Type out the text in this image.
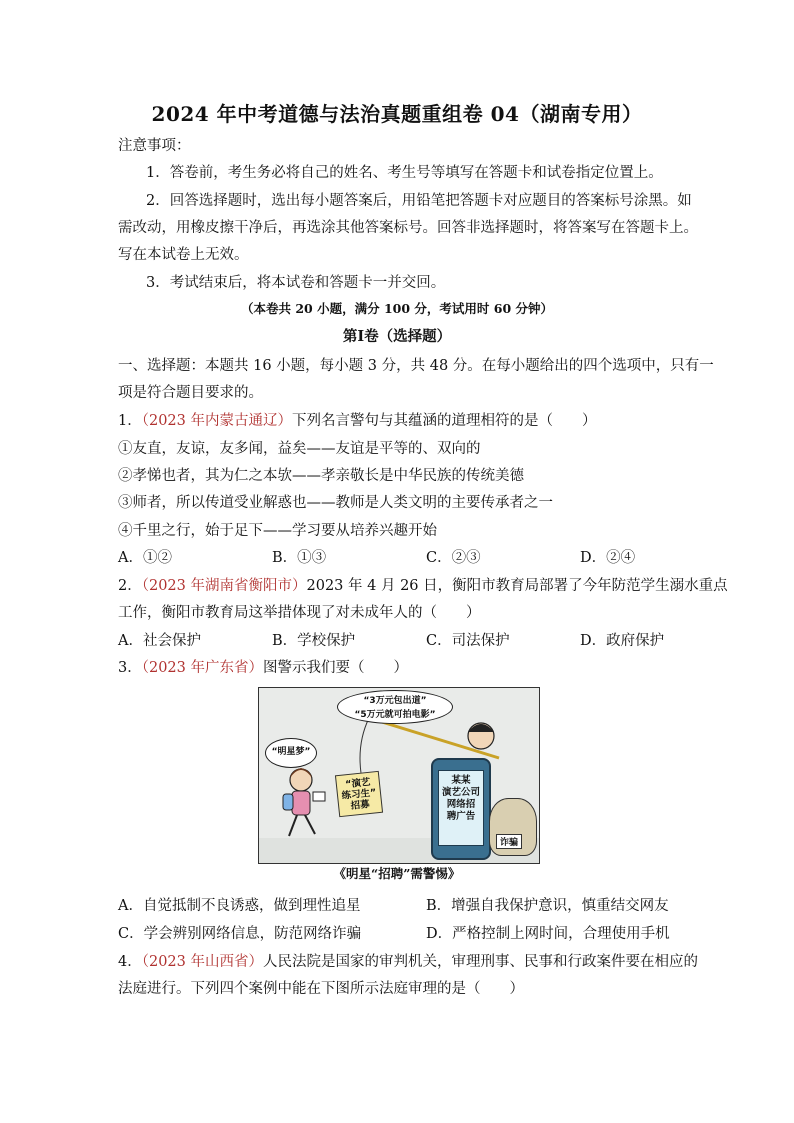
2024 年中考道德与法治真题重组卷 04（湖南专用）
注意事项：
1．答卷前，考生务必将自己的姓名、考生号等填写在答题卡和试卷指定位置上。
2．回答选择题时，选出每小题答案后，用铅笔把答题卡对应题目的答案标号涂黑。如
需改动，用橡皮擦干净后，再选涂其他答案标号。回答非选择题时，将答案写在答题卡上。
写在本试卷上无效。
3．考试结束后，将本试卷和答题卡一并交回。
（本卷共 20 小题，满分 100 分，考试用时 60 分钟）
第Ⅰ卷（选择题）
一、选择题：本题共 16 小题，每小题 3 分，共 48 分。在每小题给出的四个选项中，只有一
项是符合题目要求的。
1．（2023 年内蒙古通辽）下列名言警句与其蕴涵的道理相符的是（　　）
①友直，友谅，友多闻，益矣——友谊是平等的、双向的
②孝悌也者，其为仁之本欤——孝亲敬长是中华民族的传统美德
③师者，所以传道受业解惑也——教师是人类文明的主要传承者之一
④千里之行，始于足下——学习要从培养兴趣开始
A．①②	B．①③	C．②③	D．②④
2．（2023 年湖南省衡阳市）2023 年 4 月 26 日，衡阳市教育局部署了今年防范学生溺水重点
工作，衡阳市教育局这举措体现了对未成年人的（　　）
A．社会保护	B．学校保护	C．司法保护	D．政府保护
3．（2023 年广东省）图警示我们要（　　）
“3万元包出道”
“5万元就可拍电影”
“明星梦”
“演艺
练习生”
招募
某某
演艺公司
网络招
聘广告
诈骗
《明星“招聘”需警惕》
A．自觉抵制不良诱惑，做到理性追星	B．增强自我保护意识，慎重结交网友
C．学会辨别网络信息，防范网络诈骗	D．严格控制上网时间，合理使用手机
4．（2023 年山西省）人民法院是国家的审判机关，审理刑事、民事和行政案件要在相应的
法庭进行。下列四个案例中能在下图所示法庭审理的是（　　）
